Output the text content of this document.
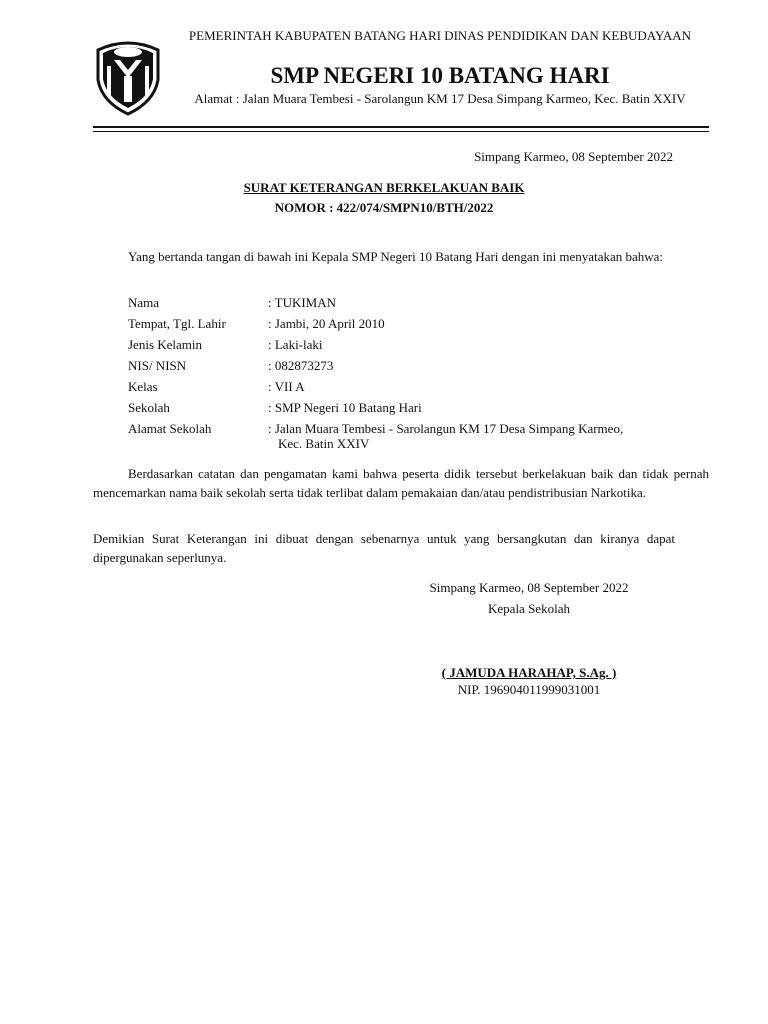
PEMERINTAH KABUPATEN BATANG HARI DINAS PENDIDIKAN DAN KEBUDAYAAN
SMP NEGERI 10 BATANG HARI
Alamat : Jalan Muara Tembesi - Sarolangun KM 17 Desa Simpang Karmeo, Kec. Batin XXIV
Simpang Karmeo, 08 September 2022
SURAT KETERANGAN BERKELAKUAN BAIK
NOMOR : 422/074/SMPN10/BTH/2022
Yang bertanda tangan di bawah ini Kepala SMP Negeri 10 Batang Hari dengan ini menyatakan bahwa:
Nama	: TUKIMAN
Tempat, Tgl. Lahir	: Jambi, 20 April 2010
Jenis Kelamin	: Laki-laki
NIS/ NISN	: 082873273
Kelas	: VII A
Sekolah	: SMP Negeri 10 Batang Hari
Alamat Sekolah	: Jalan Muara Tembesi - Sarolangun KM 17 Desa Simpang Karmeo,
Kec. Batin XXIV
Berdasarkan catatan dan pengamatan kami bahwa peserta didik tersebut berkelakuan baik dan tidak pernah mencemarkan nama baik sekolah serta tidak terlibat dalam pemakaian dan/atau pendistribusian Narkotika.
Demikian Surat Keterangan ini dibuat dengan sebenarnya untuk yang bersangkutan dan kiranya dapat dipergunakan seperlunya.
Simpang Karmeo, 08 September 2022
Kepala Sekolah
( JAMUDA HARAHAP, S.Ag. )
NIP. 196904011999031001
